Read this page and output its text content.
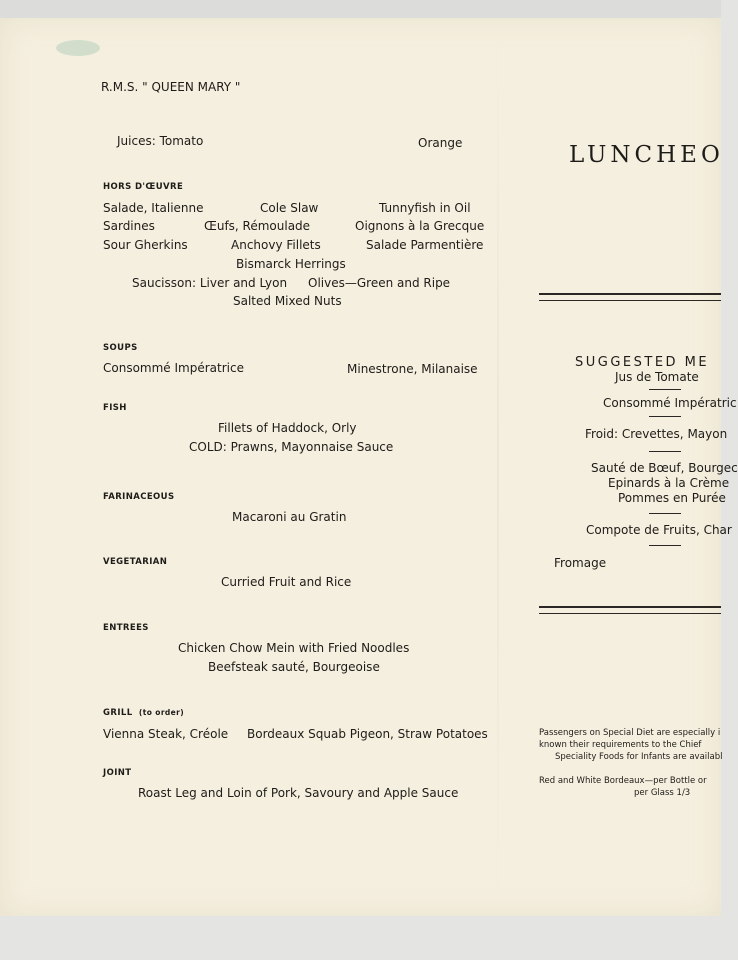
R.M.S. " QUEEN MARY "
Juices: Tomato	Orange
HORS D'ŒUVRE
Salade, Italienne	Cole Slaw	Tunnyfish in Oil
Sardines	Œufs, Rémoulade	Oignons à la Grecque
Sour Gherkins	Anchovy Fillets	Salade Parmentière
Bismarck Herrings
Saucisson: Liver and Lyon Olives—Green and Ripe
Salted Mixed Nuts
SOUPS
Consommé Impératrice	Minestrone, Milanaise
FISH
Fillets of Haddock, Orly
COLD: Prawns, Mayonnaise Sauce
FARINACEOUS
Macaroni au Gratin
VEGETARIAN
Curried Fruit and Rice
ENTREES
Chicken Chow Mein with Fried Noodles
Beefsteak sauté, Bourgeoise
GRILL (to order)
Vienna Steak, Créole Bordeaux Squab Pigeon, Straw Potatoes
JOINT
Roast Leg and Loin of Pork, Savoury and Apple Sauce
LUNCHEO
SUGGESTED ME
Jus de Tomate
Consommé Impératric
Froid: Crevettes, Mayon
Sauté de Bœuf, Bourgec
Epinards à la Crème
Pommes en Purée
Compote de Fruits, Char
Fromage
Passengers on Special Diet are especially i
known their requirements to the Chief
Speciality Foods for Infants are availabl
Red and White Bordeaux—per Bottle or
per Glass 1/3
